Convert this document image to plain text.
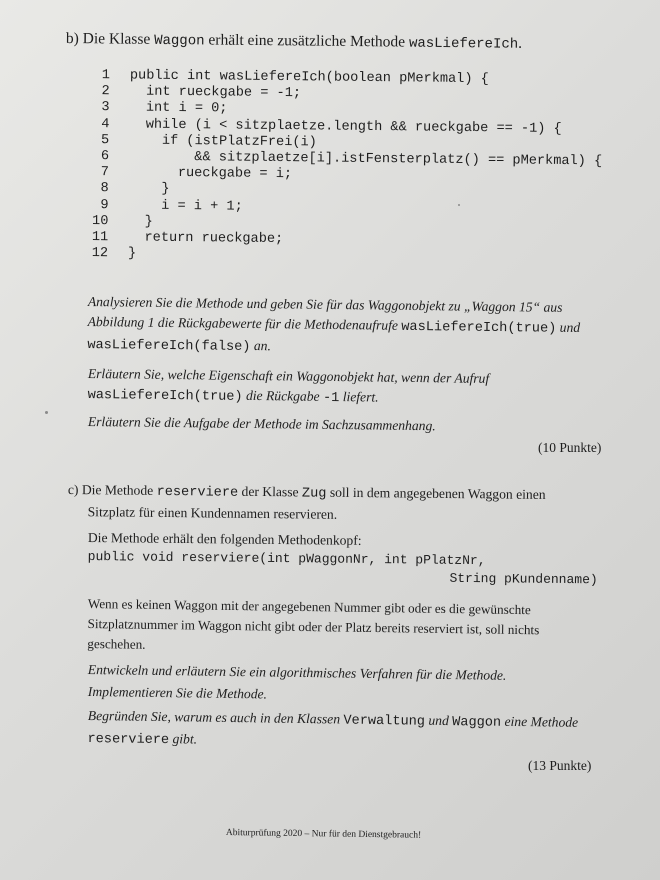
b) Die Klasse Waggon erhält eine zusätzliche Methode wasLiefereIch.
1	public int wasLiefereIch(boolean pMerkmal) {
2	int rueckgabe = -1;
3	int i = 0;
4	while (i < sitzplaetze.length && rueckgabe == -1) {
5	if (istPlatzFrei(i)
6	&& sitzplaetze[i].istFensterplatz() == pMerkmal) {
7	rueckgabe = i;
8	}
9	i = i + 1;
10	}
11	return rueckgabe;
12	}
Analysieren Sie die Methode und geben Sie für das Waggonobjekt zu „Waggon 15“ aus
Abbildung 1 die Rückgabewerte für die Methodenaufrufe wasLiefereIch(true) und
wasLiefereIch(false) an.
Erläutern Sie, welche Eigenschaft ein Waggonobjekt hat, wenn der Aufruf
wasLiefereIch(true) die Rückgabe -1 liefert.
Erläutern Sie die Aufgabe der Methode im Sachzusammenhang.
(10 Punkte)
c) Die Methode reserviere der Klasse Zug soll in dem angegebenen Waggon einen
Sitzplatz für einen Kundennamen reservieren.
Die Methode erhält den folgenden Methodenkopf:
public void reserviere(int pWaggonNr, int pPlatzNr,
String pKundenname)
Wenn es keinen Waggon mit der angegebenen Nummer gibt oder es die gewünschte
Sitzplatznummer im Waggon nicht gibt oder der Platz bereits reserviert ist, soll nichts
geschehen.
Entwickeln und erläutern Sie ein algorithmisches Verfahren für die Methode.
Implementieren Sie die Methode.
Begründen Sie, warum es auch in den Klassen Verwaltung und Waggon eine Methode
reserviere gibt.
(13 Punkte)
Abiturprüfung 2020 – Nur für den Dienstgebrauch!
